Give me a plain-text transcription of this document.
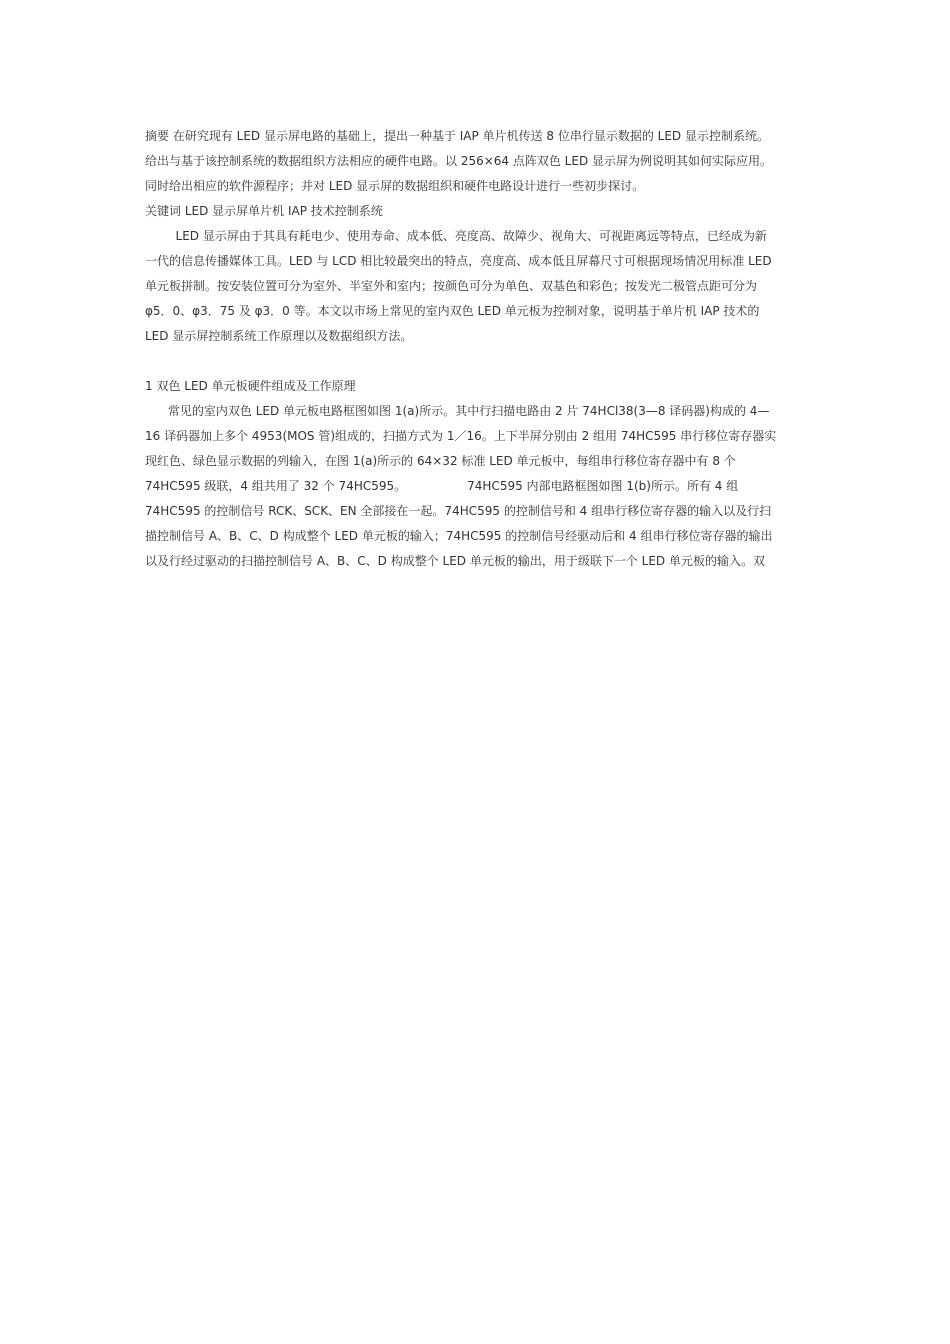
摘要 在研究现有 LED 显示屏电路的基础上，提出一种基于 IAP 单片机传送 8 位串行显示数据的 LED 显示控制系统。
给出与基于该控制系统的数据组织方法相应的硬件电路。以 256×64 点阵双色 LED 显示屏为例说明其如何实际应用。
同时给出相应的软件源程序；并对 LED 显示屏的数据组织和硬件电路设计进行一些初步探讨。
关键词 LED 显示屏单片机 IAP 技术控制系统
LED 显示屏由于其具有耗电少、使用寿命、成本低、亮度高、故障少、视角大、可视距离远等特点，已经成为新
一代的信息传播媒体工具。LED 与 LCD 相比较最突出的特点，亮度高、成本低且屏幕尺寸可根据现场情况用标准 LED
单元板拼制。按安装位置可分为室外、半室外和室内；按颜色可分为单色、双基色和彩色；按发光二极管点距可分为
φ5．0、φ3．75 及 φ3．0 等。本文以市场上常见的室内双色 LED 单元板为控制对象，说明基于单片机 IAP 技术的
LED 显示屏控制系统工作原理以及数据组织方法。
1 双色 LED 单元板硬件组成及工作原理
常见的室内双色 LED 单元板电路框图如图 1(a)所示。其中行扫描电路由 2 片 74HCl38(3—8 译码器)构成的 4—
16 译码器加上多个 4953(MOS 管)组成的，扫描方式为 1／16。上下半屏分别由 2 组用 74HC595 串行移位寄存器实
现红色、绿色显示数据的列输入，在图 1(a)所示的 64×32 标准 LED 单元板中，每组串行移位寄存器中有 8 个
74HC595 级联，4 组共用了 32 个 74HC595。                74HC595 内部电路框图如图 1(b)所示。所有 4 组
74HC595 的控制信号 RCK、SCK、EN 全部接在一起。74HC595 的控制信号和 4 组串行移位寄存器的输入以及行扫
描控制信号 A、B、C、D 构成整个 LED 单元板的输入；74HC595 的控制信号经驱动后和 4 组串行移位寄存器的输出
以及行经过驱动的扫描控制信号 A、B、C、D 构成整个 LED 单元板的输出，用于级联下一个 LED 单元板的输入。双
